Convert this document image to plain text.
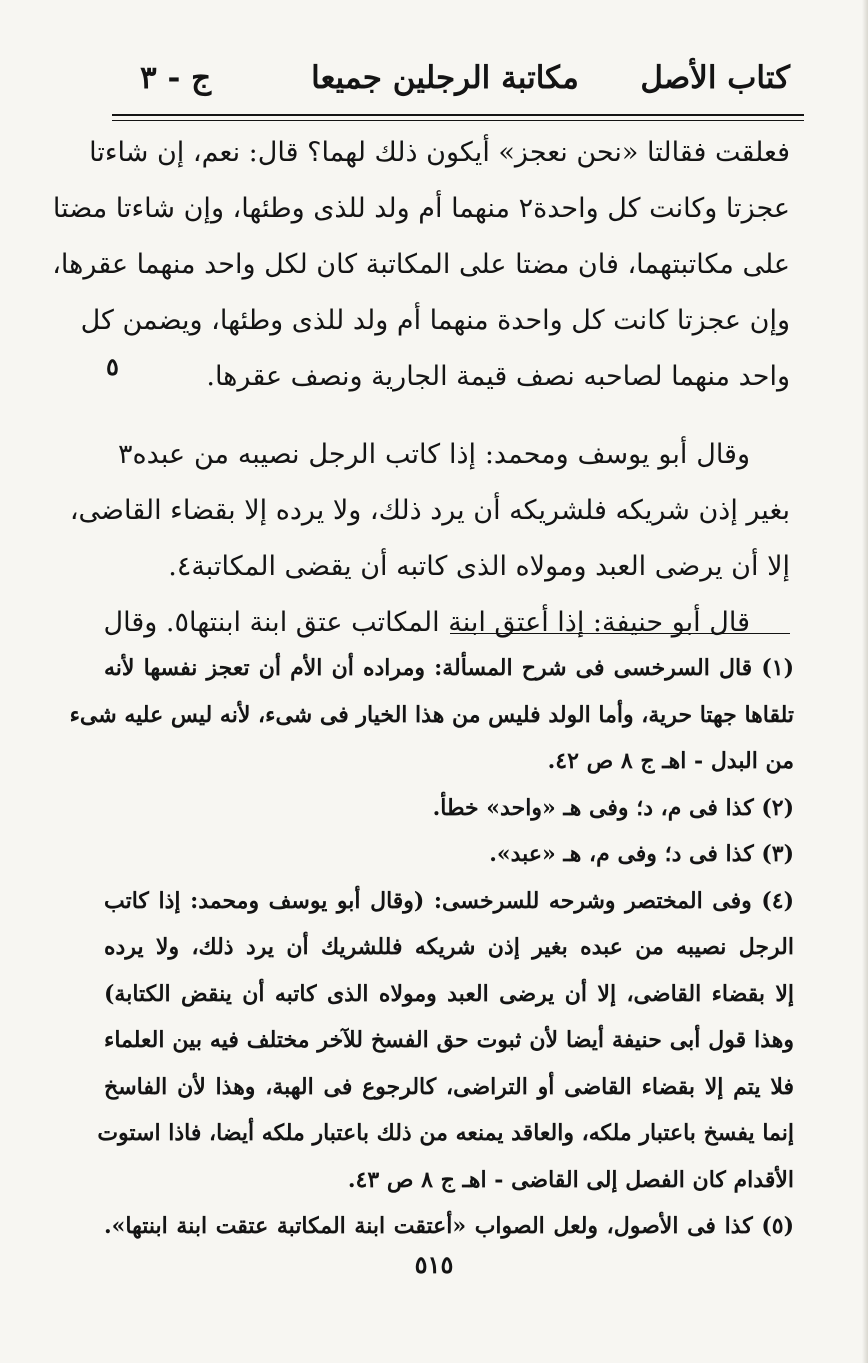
كتاب الأصل
مكاتبة الرجلين جميعا
ج - ٣
فعلقت فقالتا «نحن نعجز» أيكون ذلك لهما؟ قال: نعم، إن شاءتا
عجزتا وكانت كل واحدة٢ منهما أم ولد للذى وطئها، وإن شاءتا مضتا
على مكاتبتهما، فان مضتا على المكاتبة كان لكل واحد منهما عقرها،
وإن عجزتا كانت كل واحدة منهما أم ولد للذى وطئها، ويضمن كل
واحد منهما لصاحبه نصف قيمة الجارية ونصف عقرها.
وقال أبو يوسف ومحمد: إذا كاتب الرجل نصيبه من عبده٣
بغير إذن شريكه فلشريكه أن يرد ذلك، ولا يرده إلا بقضاء القاضى،
إلا أن يرضى العبد ومولاه الذى كاتبه أن يقضى المكاتبة٤.
قال أبو حنيفة: إذا أعتق ابنة المكاتب عتق ابنة ابنتها٥. وقال
٥
(١) قال السرخسى فى شرح المسألة: ومراده أن الأم أن تعجز نفسها لأنه
تلقاها جهتا حرية، وأما الولد فليس من هذا الخيار فى شىء، لأنه ليس عليه شىء
من البدل - اهـ ج ٨ ص ٤٢.
(٢) كذا فى م، د؛ وفى هـ «واحد» خطأ.
(٣) كذا فى د؛ وفى م، هـ «عبد».
(٤) وفى المختصر وشرحه للسرخسى: (وقال أبو يوسف ومحمد: إذا كاتب
الرجل نصيبه من عبده بغير إذن شريكه فللشريك أن يرد ذلك، ولا يرده
إلا بقضاء القاضى، إلا أن يرضى العبد ومولاه الذى كاتبه أن ينقض الكتابة)
وهذا قول أبى حنيفة أيضا لأن ثبوت حق الفسخ للآخر مختلف فيه بين العلماء
فلا يتم إلا بقضاء القاضى أو التراضى، كالرجوع فى الهبة، وهذا لأن الفاسخ
إنما يفسخ باعتبار ملكه، والعاقد يمنعه من ذلك باعتبار ملكه أيضا، فاذا استوت
الأقدام كان الفصل إلى القاضى - اهـ ج ٨ ص ٤٣.
(٥) كذا فى الأصول، ولعل الصواب «أعتقت ابنة المكاتبة عتقت ابنة ابنتها».
٥١٥
